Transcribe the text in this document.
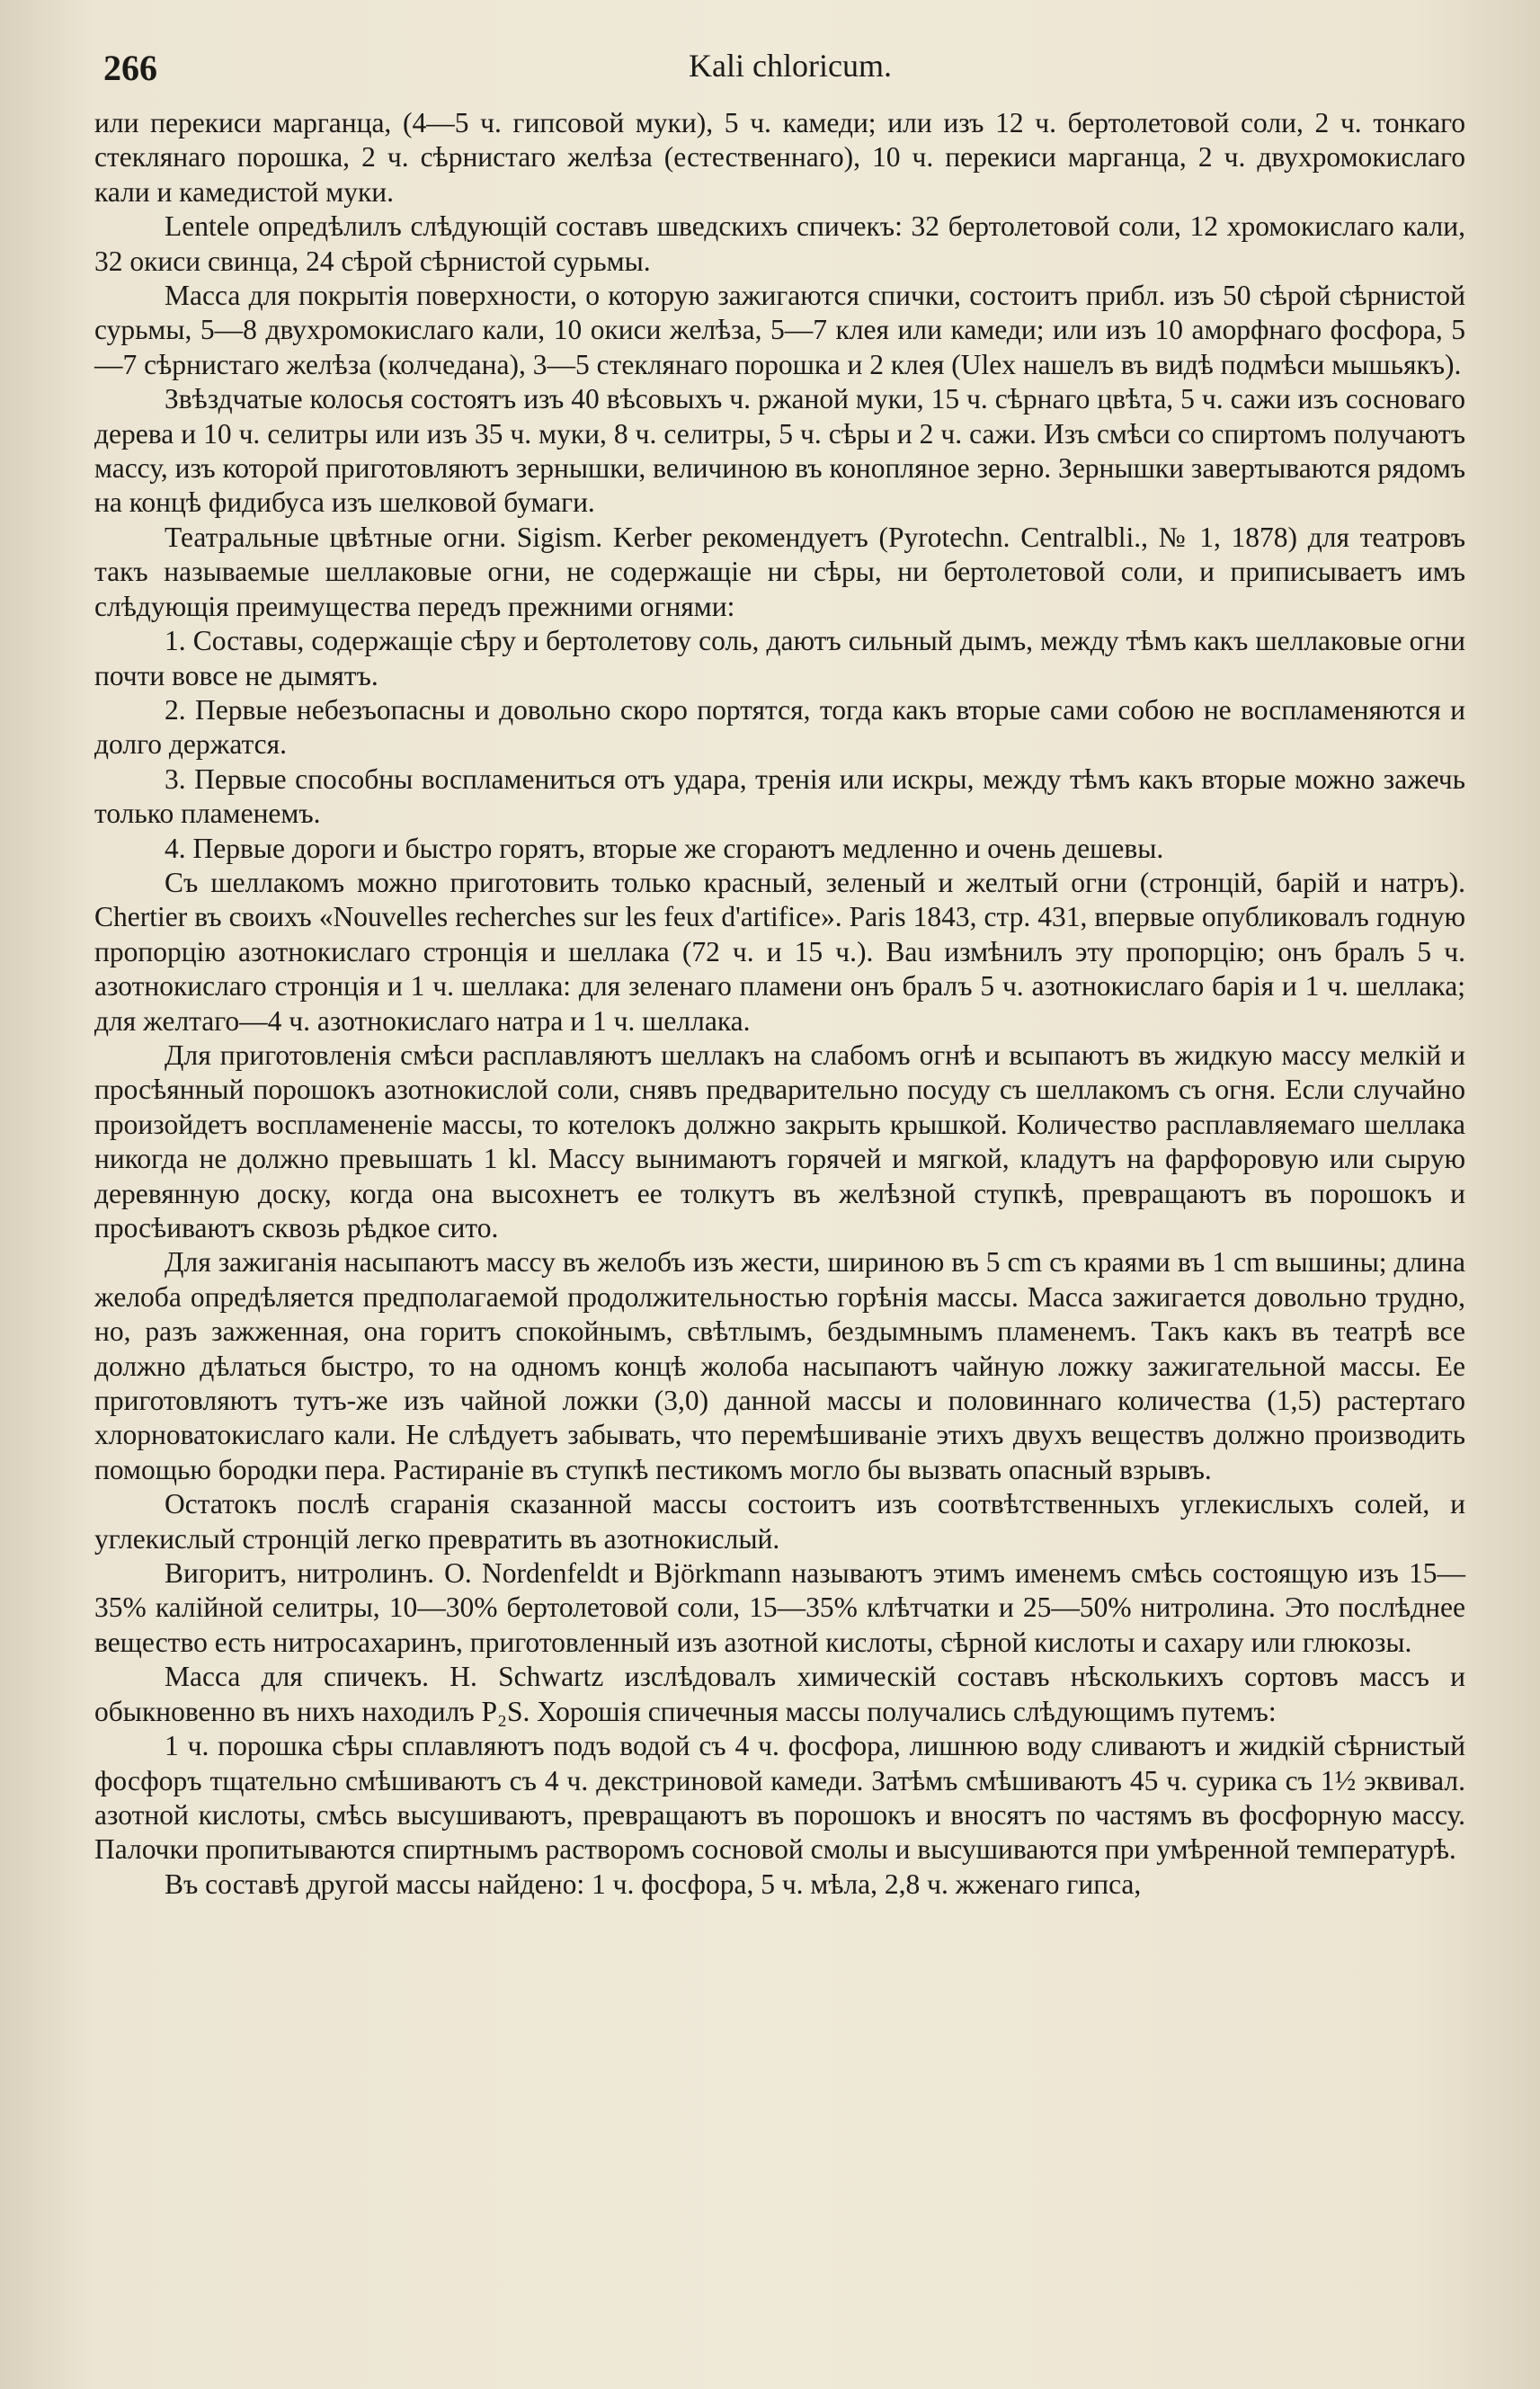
266	Kali chloricum.

или перекиси марганца, (4—5 ч. гипсовой муки), 5 ч. камеди; или изъ 12 ч. бертолетовой соли, 2 ч. тонкаго стеклянаго порошка, 2 ч. сѣрнистаго желѣза (естественнаго), 10 ч. перекиси марганца, 2 ч. двухромокислаго кали и камедистой муки.

Lentele опредѣлилъ слѣдующій составъ шведскихъ спичекъ: 32 бертолетовой соли, 12 хромокислаго кали, 32 окиси свинца, 24 сѣрой сѣрнистой сурьмы.

Масса для покрытія поверхности, о которую зажигаются спички, состоитъ прибл. изъ 50 сѣрой сѣрнистой сурьмы, 5—8 двухромокислаго кали, 10 окиси желѣза, 5—7 клея или камеди; или изъ 10 аморфнаго фосфора, 5—7 сѣрнистаго желѣза (колчедана), 3—5 стеклянаго порошка и 2 клея (Ulex нашелъ въ видѣ подмѣси мышьякъ).

Звѣздчатые колосья состоятъ изъ 40 вѣсовыхъ ч. ржаной муки, 15 ч. сѣрнаго цвѣта, 5 ч. сажи изъ сосноваго дерева и 10 ч. селитры или изъ 35 ч. муки, 8 ч. селитры, 5 ч. сѣры и 2 ч. сажи. Изъ смѣси со спиртомъ получаютъ массу, изъ которой приготовляютъ зернышки, величиною въ конопляное зерно. Зернышки завертываются рядомъ на концѣ фидибуса изъ шелковой бумаги.

Театральные цвѣтные огни. Sigism. Kerber рекомендуетъ (Pyrotechn. Centralbli., № 1, 1878) для театровъ такъ называемые шеллаковые огни, не содержащіе ни сѣры, ни бертолетовой соли, и приписываетъ имъ слѣдующія преимущества передъ прежними огнями:

1. Составы, содержащіе сѣру и бертолетову соль, даютъ сильный дымъ, между тѣмъ какъ шеллаковые огни почти вовсе не дымятъ.

2. Первые небезъопасны и довольно скоро портятся, тогда какъ вторые сами собою не воспламеняются и долго держатся.

3. Первые способны воспламениться отъ удара, тренія или искры, между тѣмъ какъ вторые можно зажечь только пламенемъ.

4. Первые дороги и быстро горятъ, вторые же сгораютъ медленно и очень дешевы.

Съ шеллакомъ можно приготовить только красный, зеленый и желтый огни (стронцій, барій и натръ). Chertier въ своихъ «Nouvelles recherches sur les feux d'artifice». Paris 1843, стр. 431, впервые опубликовалъ годную пропорцію азотнокислаго стронція и шеллака (72 ч. и 15 ч.). Bau измѣнилъ эту пропорцію; онъ бралъ 5 ч. азотнокислаго стронція и 1 ч. шеллака: для зеленаго пламени онъ бралъ 5 ч. азотнокислаго барія и 1 ч. шеллака; для желтаго—4 ч. азотнокислаго натра и 1 ч. шеллака.

Для приготовленія смѣси расплавляютъ шеллакъ на слабомъ огнѣ и всыпаютъ въ жидкую массу мелкій и просѣянный порошокъ азотнокислой соли, снявъ предварительно посуду съ шеллакомъ съ огня. Если случайно произойдетъ воспламененіе массы, то котелокъ должно закрыть крышкой. Количество расплавляемаго шеллака никогда не должно превышать 1 kl. Массу вынимаютъ горячей и мягкой, кладутъ на фарфоровую или сырую деревянную доску, когда она высохнетъ ее толкутъ въ желѣзной ступкѣ, превращаютъ въ порошокъ и просѣиваютъ сквозь рѣдкое сито.

Для зажиганія насыпаютъ массу въ желобъ изъ жести, шириною въ 5 cm съ краями въ 1 cm вышины; длина желоба опредѣляется предполагаемой продолжительностью горѣнія массы. Масса зажигается довольно трудно, но, разъ зажженная, она горитъ спокойнымъ, свѣтлымъ, бездымнымъ пламенемъ. Такъ какъ въ театрѣ все должно дѣлаться быстро, то на одномъ концѣ жолоба насыпаютъ чайную ложку зажигательной массы. Ее приготовляютъ тутъ-же изъ чайной ложки (3,0) данной массы и половиннаго количества (1,5) растертаго хлорноватокислаго кали. Не слѣдуетъ забывать, что перемѣшиваніе этихъ двухъ веществъ должно производить помощью бородки пера. Растираніе въ ступкѣ пестикомъ могло бы вызвать опасный взрывъ.

Остатокъ послѣ сгаранія сказанной массы состоитъ изъ соотвѣтственныхъ углекислыхъ солей, и углекислый стронцій легко превратить въ азотнокислый.

Вигоритъ, нитролинъ. O. Nordenfeldt и Björkmann называютъ этимъ именемъ смѣсь состоящую изъ 15—35% калійной селитры, 10—30% бертолетовой соли, 15—35% клѣтчатки и 25—50% нитролина. Это послѣднее вещество есть нитросахаринъ, приготовленный изъ азотной кислоты, сѣрной кислоты и сахару или глюкозы.

Масса для спичекъ. H. Schwartz изслѣдовалъ химическій составъ нѣсколькихъ сортовъ массъ и обыкновенно въ нихъ находилъ P₂S. Хорошія спичечныя массы получались слѣдующимъ путемъ:

1 ч. порошка сѣры сплавляютъ подъ водой съ 4 ч. фосфора, лишнюю воду сливаютъ и жидкій сѣрнистый фосфоръ тщательно смѣшиваютъ съ 4 ч. декстриновой камеди. Затѣмъ смѣшиваютъ 45 ч. сурика съ 1½ эквивал. азотной кислоты, смѣсь высушиваютъ, превращаютъ въ порошокъ и вносятъ по частямъ въ фосфорную массу. Палочки пропитываются спиртнымъ растворомъ сосновой смолы и высушиваются при умѣренной температурѣ.

Въ составѣ другой массы найдено: 1 ч. фосфора, 5 ч. мѣла, 2,8 ч. жженаго гипса,
